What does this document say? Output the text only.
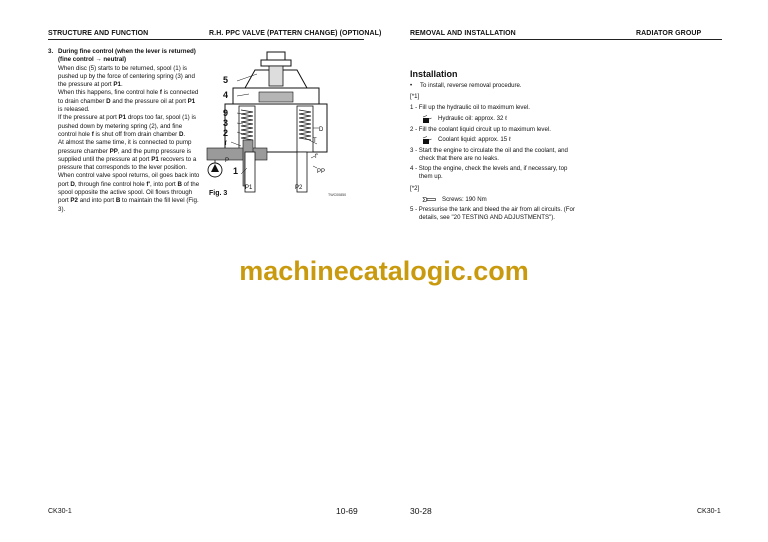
STRUCTURE AND FUNCTION	R.H. PPC VALVE (PATTERN CHANGE) (OPTIONAL)

3. During fine control (when the lever is returned)
(fine control → neutral)

When disc (5) starts to be returned, spool (1) is pushed up by the force of centering spring (3) and the pressure at port P1.

When this happens, fine control hole f is connected to drain chamber D and the pressure oil at port P1 is released.

If the pressure at port P1 drops too far, spool (1) is pushed down by metering spring (2), and fine control hole f is shut off from drain chamber D.

At almost the same time, it is connected to pump pressure chamber PP, and the pump pressure is supplied until the pressure at port P1 recovers to a pressure that corresponds to the lever position.

When control valve spool returns, oil goes back into port D, through fine control hole f', into port B of the spool opposite the active spool. Oil flows through port P2 and into port B to maintain the fill level (Fig. 3).

5
4
9
3
2
f
D
T
f'
P
1	PP
P1	P2
Fig. 3	TWC00850
REMOVAL AND INSTALLATION	RADIATOR GROUP
Installation
• To install, reverse removal procedure.
[*1]
1 - Fill up the hydraulic oil to maximum level.
Hydraulic oil: approx. 32 ℓ
2 - Fill the coolant liquid circuit up to maximum level.
Coolant liquid: approx. 15 ℓ
3 - Start the engine to circulate the oil and the coolant, and check that there are no leaks.
4 - Stop the engine, check the levels and, if necessary, top them up.
[*2]
Screws: 190 Nm
5 - Pressurise the tank and bleed the air from all circuits. (For details, see "20 TESTING AND ADJUSTMENTS").
machinecatalogic.com
CK30-1	10-69	30-28	CK30-1
